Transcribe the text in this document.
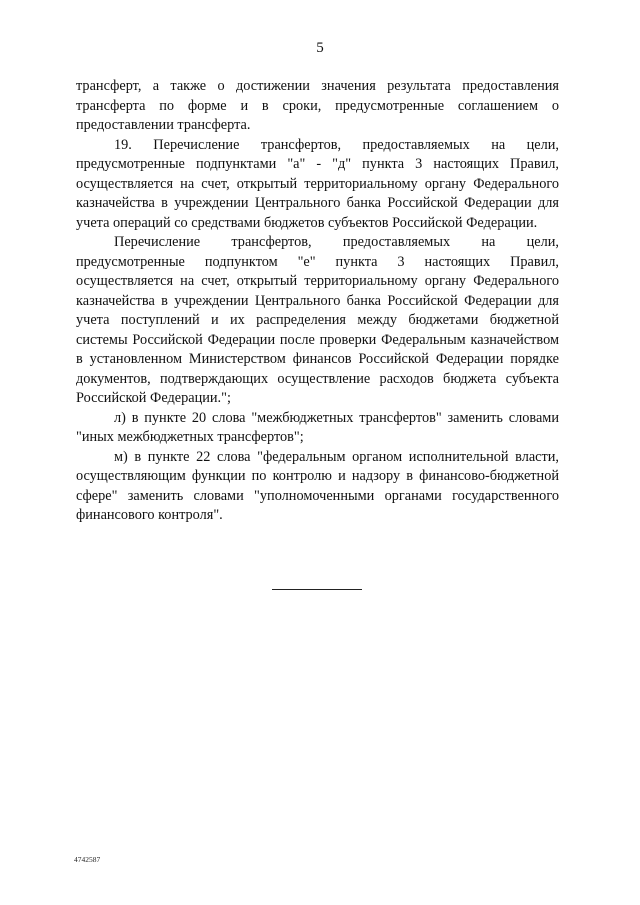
5

трансферт, а также о достижении значения результата предоставления трансферта по форме и в сроки, предусмотренные соглашением о предоставлении трансферта.

19. Перечисление трансфертов, предоставляемых на цели, предусмотренные подпунктами "а" - "д" пункта 3 настоящих Правил, осуществляется на счет, открытый территориальному органу Федерального казначейства в учреждении Центрального банка Российской Федерации для учета операций со средствами бюджетов субъектов Российской Федерации.

Перечисление трансфертов, предоставляемых на цели, предусмотренные подпунктом "е" пункта 3 настоящих Правил, осуществляется на счет, открытый территориальному органу Федерального казначейства в учреждении Центрального банка Российской Федерации для учета поступлений и их распределения между бюджетами бюджетной системы Российской Федерации после проверки Федеральным казначейством в установленном Министерством финансов Российской Федерации порядке документов, подтверждающих осуществление расходов бюджета субъекта Российской Федерации.";

л) в пункте 20 слова "межбюджетных трансфертов" заменить словами "иных межбюджетных трансфертов";

м) в пункте 22 слова "федеральным органом исполнительной власти, осуществляющим функции по контролю и надзору в финансово-бюджетной сфере" заменить словами "уполномоченными органами государственного финансового контроля".

4742587
